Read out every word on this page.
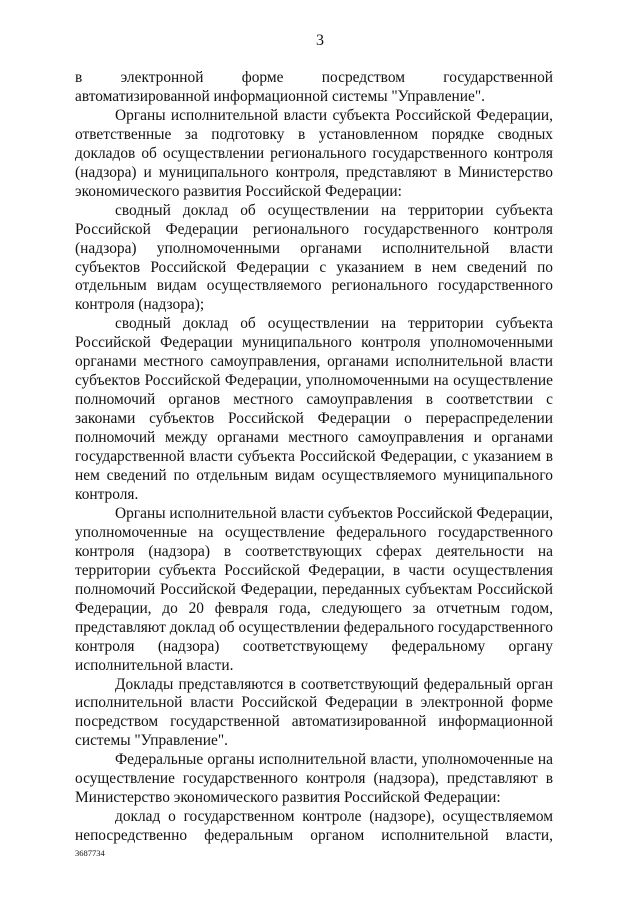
3

в электронной форме посредством государственной автоматизированной информационной системы "Управление".

Органы исполнительной власти субъекта Российской Федерации, ответственные за подготовку в установленном порядке сводных докладов об осуществлении регионального государственного контроля (надзора) и муниципального контроля, представляют в Министерство экономического развития Российской Федерации:

сводный доклад об осуществлении на территории субъекта Российской Федерации регионального государственного контроля (надзора) уполномоченными органами исполнительной власти субъектов Российской Федерации с указанием в нем сведений по отдельным видам осуществляемого регионального государственного контроля (надзора);

сводный доклад об осуществлении на территории субъекта Российской Федерации муниципального контроля уполномоченными органами местного самоуправления, органами исполнительной власти субъектов Российской Федерации, уполномоченными на осуществление полномочий органов местного самоуправления в соответствии с законами субъектов Российской Федерации о перераспределении полномочий между органами местного самоуправления и органами государственной власти субъекта Российской Федерации, с указанием в нем сведений по отдельным видам осуществляемого муниципального контроля.

Органы исполнительной власти субъектов Российской Федерации, уполномоченные на осуществление федерального государственного контроля (надзора) в соответствующих сферах деятельности на территории субъекта Российской Федерации, в части осуществления полномочий Российской Федерации, переданных субъектам Российской Федерации, до 20 февраля года, следующего за отчетным годом, представляют доклад об осуществлении федерального государственного контроля (надзора) соответствующему федеральному органу исполнительной власти.

Доклады представляются в соответствующий федеральный орган исполнительной власти Российской Федерации в электронной форме посредством государственной автоматизированной информационной системы "Управление".

Федеральные органы исполнительной власти, уполномоченные на осуществление государственного контроля (надзора), представляют в Министерство экономического развития Российской Федерации:

доклад о государственном контроле (надзоре), осуществляемом непосредственно федеральным органом исполнительной власти,

3687734
